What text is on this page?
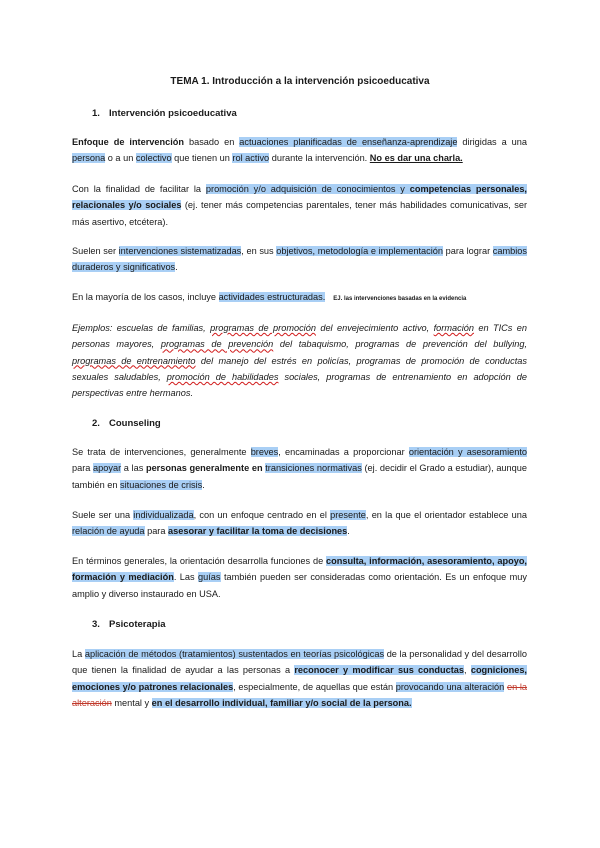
TEMA 1. Introducción a la intervención psicoeducativa
1. Intervención psicoeducativa
Enfoque de intervención basado en actuaciones planificadas de enseñanza-aprendizaje dirigidas a una persona o a un colectivo que tienen un rol activo durante la intervención. No es dar una charla.
Con la finalidad de facilitar la promoción y/o adquisición de conocimientos y competencias personales, relacionales y/o sociales (ej. tener más competencias parentales, tener más habilidades comunicativas, ser más asertivo, etcétera).
Suelen ser intervenciones sistematizadas, en sus objetivos, metodología e implementación para lograr cambios duraderos y significativos.
En la mayoría de los casos, incluye actividades estructuradas. EJ. las intervenciones basadas en la evidencia
Ejemplos: escuelas de familias, programas de promoción del envejecimiento activo, formación en TICs en personas mayores, programas de prevención del tabaquismo, programas de prevención del bullying, programas de entrenamiento del manejo del estrés en policías, programas de promoción de conductas sexuales saludables, promoción de habilidades sociales, programas de entrenamiento en adopción de perspectivas entre hermanos.
2. Counseling
Se trata de intervenciones, generalmente breves, encaminadas a proporcionar orientación y asesoramiento para apoyar a las personas generalmente en transiciones normativas (ej. decidir el Grado a estudiar), aunque también en situaciones de crisis.
Suele ser una individualizada, con un enfoque centrado en el presente, en la que el orientador establece una relación de ayuda para asesorar y facilitar la toma de decisiones.
En términos generales, la orientación desarrolla funciones de consulta, información, asesoramiento, apoyo, formación y mediación. Las guías también pueden ser consideradas como orientación. Es un enfoque muy amplio y diverso instaurado en USA.
3. Psicoterapia
La aplicación de métodos (tratamientos) sustentados en teorías psicológicas de la personalidad y del desarrollo que tienen la finalidad de ayudar a las personas a reconocer y modificar sus conductas, cogniciones, emociones y/o patrones relacionales, especialmente, de aquellas que están provocando una alteración en la alteración mental y en el desarrollo individual, familiar y/o social de la persona.
